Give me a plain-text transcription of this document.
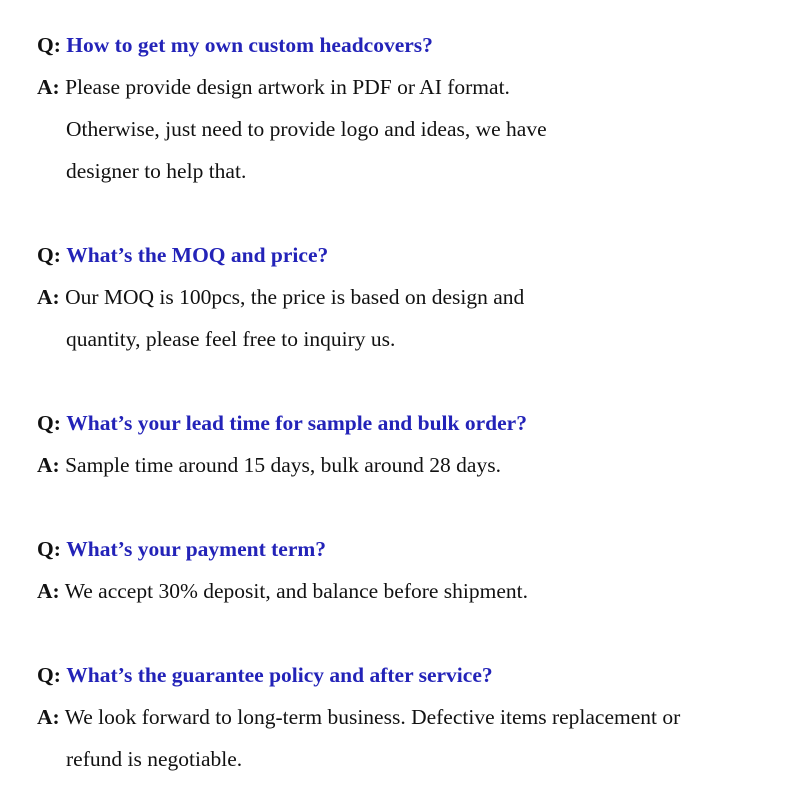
Q: How to get my own custom headcovers?
A: Please provide design artwork in PDF or AI format.
Otherwise, just need to provide logo and ideas, we have
designer to help that.
Q: What’s the MOQ and price?
A: Our MOQ is 100pcs, the price is based on design and
quantity, please feel free to inquiry us.
Q: What’s your lead time for sample and bulk order?
A: Sample time around 15 days, bulk around 28 days.
Q: What’s your payment term?
A: We accept 30% deposit, and balance before shipment.
Q: What’s the guarantee policy and after service?
A: We look forward to long-term business. Defective items replacement or
refund is negotiable.
